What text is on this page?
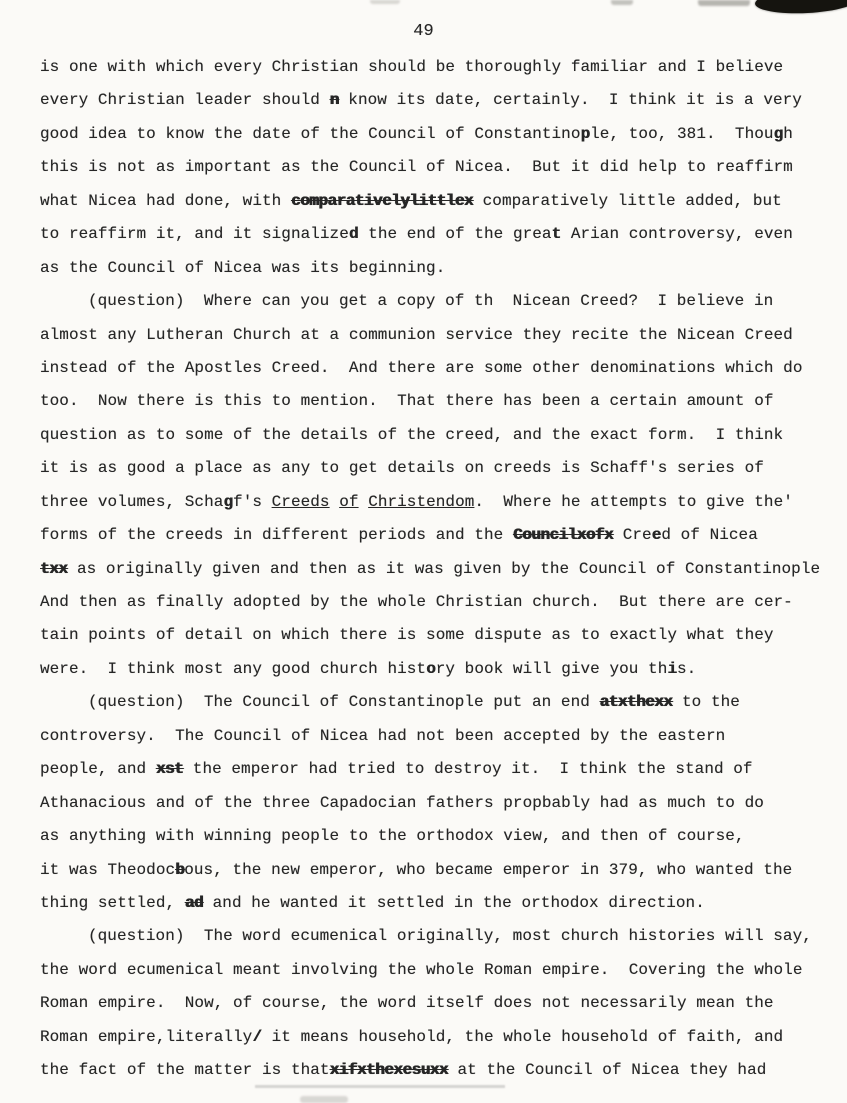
49
is one with which every Christian should be thoroughly familiar and I believe
every Christian leader should n know its date, certainly.  I think it is a very
good idea to know the date of the Council of Constantinople, too, 381.  Though
this is not as important as the Council of Nicea.  But it did help to reaffirm
what Nicea had done, with comparativelylittlex comparatively little added, but
to reaffirm it, and it signalized the end of the great Arian controversy, even
as the Council of Nicea was its beginning.
(question)  Where can you get a copy of th  Nicean Creed?  I believe in
almost any Lutheran Church at a communion service they recite the Nicean Creed
instead of the Apostles Creed.  And there are some other denominations which do
too.  Now there is this to mention.  That there has been a certain amount of
question as to some of the details of the creed, and the exact form.  I think
it is as good a place as any to get details on creeds is Schaff's series of
three volumes, Schagf's Creeds of Christendom.  Where he attempts to give the'
forms of the creeds in different periods and the Councilxofx Creed of Nicea
txx as originally given and then as it was given by the Council of Constantinople
And then as finally adopted by the whole Christian church.  But there are cer-
tain points of detail on which there is some dispute as to exactly what they
were.  I think most any good church history book will give you this.
(question)  The Council of Constantinople put an end atxthexx to the
controversy.  The Council of Nicea had not been accepted by the eastern
people, and xst the emperor had tried to destroy it.  I think the stand of
Athanacious and of the three Capadocian fathers propbably had as much to do
as anything with winning people to the orthodox view, and then of course,
it was Theodocbous, the new emperor, who became emperor in 379, who wanted the
thing settled, ad and he wanted it settled in the orthodox direction.
(question)  The word ecumenical originally, most church histories will say,
the word ecumenical meant involving the whole Roman empire.  Covering the whole
Roman empire.  Now, of course, the word itself does not necessarily mean the
Roman empire,literally/ it means household, the whole household of faith, and
the fact of the matter is thatxifxthexesuxx at the Council of Nicea they had
